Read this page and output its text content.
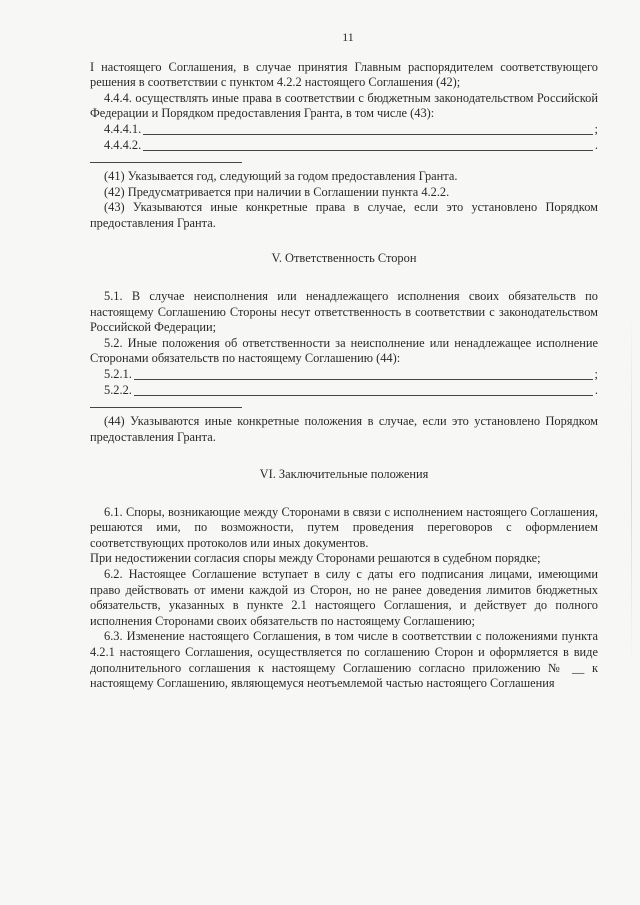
11

I настоящего Соглашения, в случае принятия Главным распорядителем соответствующего решения в соответствии с пунктом 4.2.2 настоящего Соглашения (42);

4.4.4. осуществлять иные права в соответствии с бюджетным законодательством Российской Федерации и Порядком предоставления Гранта, в том числе (43):

4.4.4.1.	;
4.4.4.2.	.

(41) Указывается год, следующий за годом предоставления Гранта.

(42) Предусматривается при наличии в Соглашении пункта 4.2.2.

(43) Указываются иные конкретные права в случае, если это установлено Порядком предоставления Гранта.

V. Ответственность Сторон

5.1. В случае неисполнения или ненадлежащего исполнения своих обязательств по настоящему Соглашению Стороны несут ответственность в соответствии с законодательством Российской Федерации;

5.2. Иные положения об ответственности за неисполнение или ненадлежащее исполнение Сторонами обязательств по настоящему Соглашению (44):

5.2.1.	;
5.2.2.	.

(44) Указываются иные конкретные положения в случае, если это установлено Порядком предоставления Гранта.

VI. Заключительные положения

6.1. Споры, возникающие между Сторонами в связи с исполнением настоящего Соглашения, решаются ими, по возможности, путем проведения переговоров с оформлением соответствующих протоколов или иных документов.

При недостижении согласия споры между Сторонами решаются в судебном порядке;

6.2. Настоящее Соглашение вступает в силу с даты его подписания лицами, имеющими право действовать от имени каждой из Сторон, но не ранее доведения лимитов бюджетных обязательств, указанных в пункте 2.1 настоящего Соглашения, и действует до полного исполнения Сторонами своих обязательств по настоящему Соглашению;

6.3. Изменение настоящего Соглашения, в том числе в соответствии с положениями пункта 4.2.1 настоящего Соглашения, осуществляется по соглашению Сторон и оформляется в виде дополнительного соглашения к настоящему Соглашению согласно приложению № __ к настоящему Соглашению, являющемуся неотъемлемой частью настоящего Соглашения
